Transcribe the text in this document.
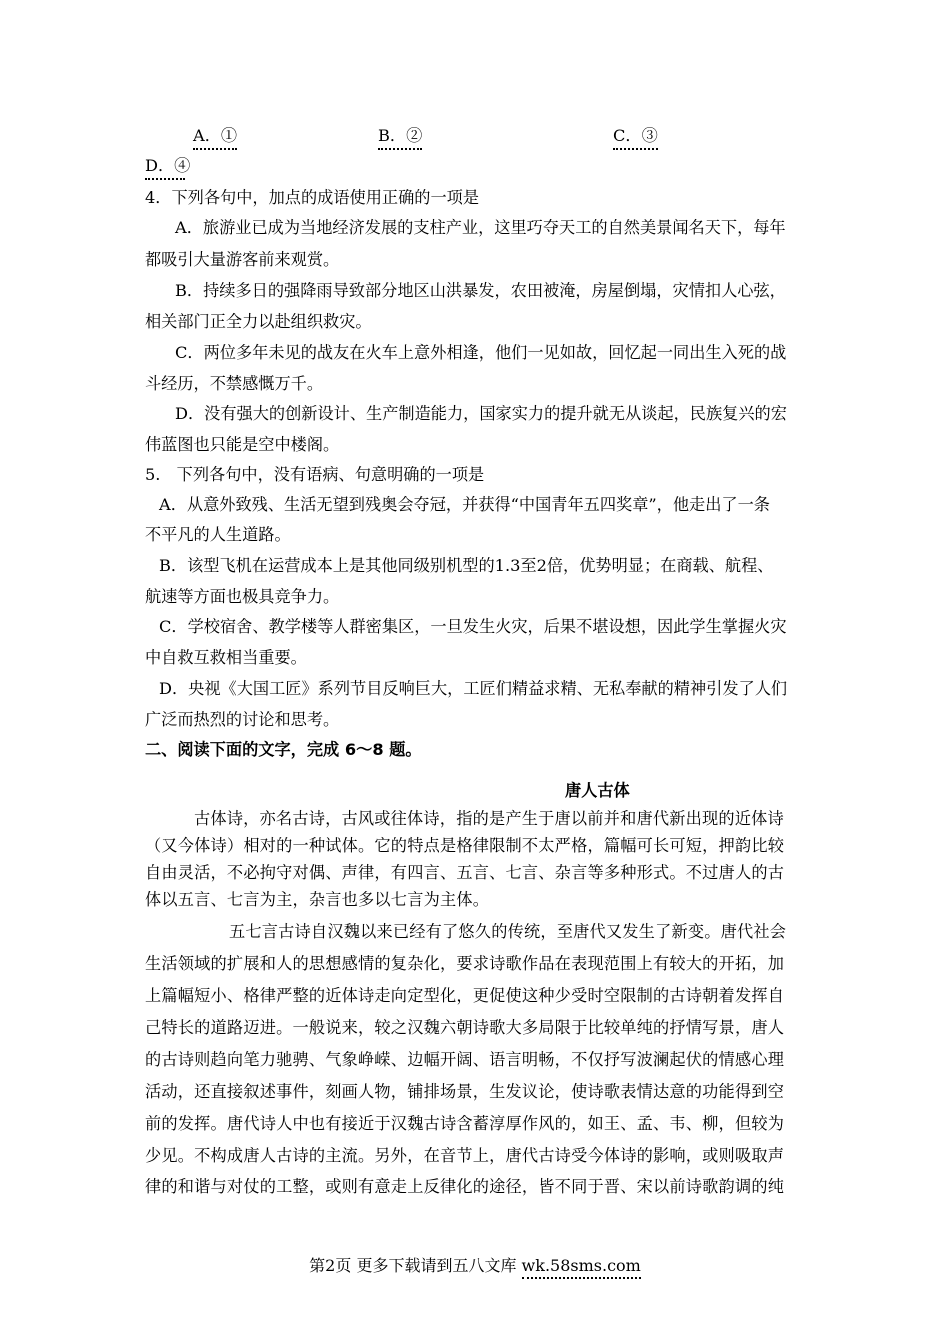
A．①	B．②	C．③
D．④
4．下列各句中，加点的成语使用正确的一项是
A．旅游业已成为当地经济发展的支柱产业，这里巧夺天工的自然美景闻名天下，每年
都吸引大量游客前来观赏。
B．持续多日的强降雨导致部分地区山洪暴发，农田被淹，房屋倒塌，灾情扣人心弦，
相关部门正全力以赴组织救灾。
C．两位多年未见的战友在火车上意外相逢，他们一见如故，回忆起一同出生入死的战
斗经历，不禁感慨万千。
D．没有强大的创新设计、生产制造能力，国家实力的提升就无从谈起，民族复兴的宏
伟蓝图也只能是空中楼阁。
5.　下列各句中，没有语病、句意明确的一项是
A．从意外致残、生活无望到残奥会夺冠，并获得“中国青年五四奖章”，他走出了一条
不平凡的人生道路。
B．该型飞机在运营成本上是其他同级别机型的1.3至2倍，优势明显；在商载、航程、
航速等方面也极具竞争力。
C．学校宿舍、教学楼等人群密集区，一旦发生火灾，后果不堪设想，因此学生掌握火灾
中自救互救相当重要。
D．央视《大国工匠》系列节目反响巨大，工匠们精益求精、无私奉献的精神引发了人们
广泛而热烈的讨论和思考。
二、阅读下面的文字，完成 6～8 题。
唐人古体
古体诗，亦名古诗，古风或往体诗，指的是产生于唐以前并和唐代新出现的近体诗
（又今体诗）相对的一种试体。它的特点是格律限制不太严格，篇幅可长可短，押韵比较
自由灵活，不必拘守对偶、声律，有四言、五言、七言、杂言等多种形式。不过唐人的古
体以五言、七言为主，杂言也多以七言为主体。
五七言古诗自汉魏以来已经有了悠久的传统，至唐代又发生了新变。唐代社会
生活领域的扩展和人的思想感情的复杂化，要求诗歌作品在表现范围上有较大的开拓，加
上篇幅短小、格律严整的近体诗走向定型化，更促使这种少受时空限制的古诗朝着发挥自
己特长的道路迈进。一般说来，较之汉魏六朝诗歌大多局限于比较单纯的抒情写景，唐人
的古诗则趋向笔力驰骋、气象峥嵘、边幅开阔、语言明畅，不仅抒写波澜起伏的情感心理
活动，还直接叙述事件，刻画人物，铺排场景，生发议论，使诗歌表情达意的功能得到空
前的发挥。唐代诗人中也有接近于汉魏古诗含蓄淳厚作风的，如王、孟、韦、柳，但较为
少见。不构成唐人古诗的主流。另外，在音节上，唐代古诗受今体诗的影响，或则吸取声
律的和谐与对仗的工整，或则有意走上反律化的途径，皆不同于晋、宋以前诗歌韵调的纯
第2页 更多下载请到五八文库 wk.58sms.com
